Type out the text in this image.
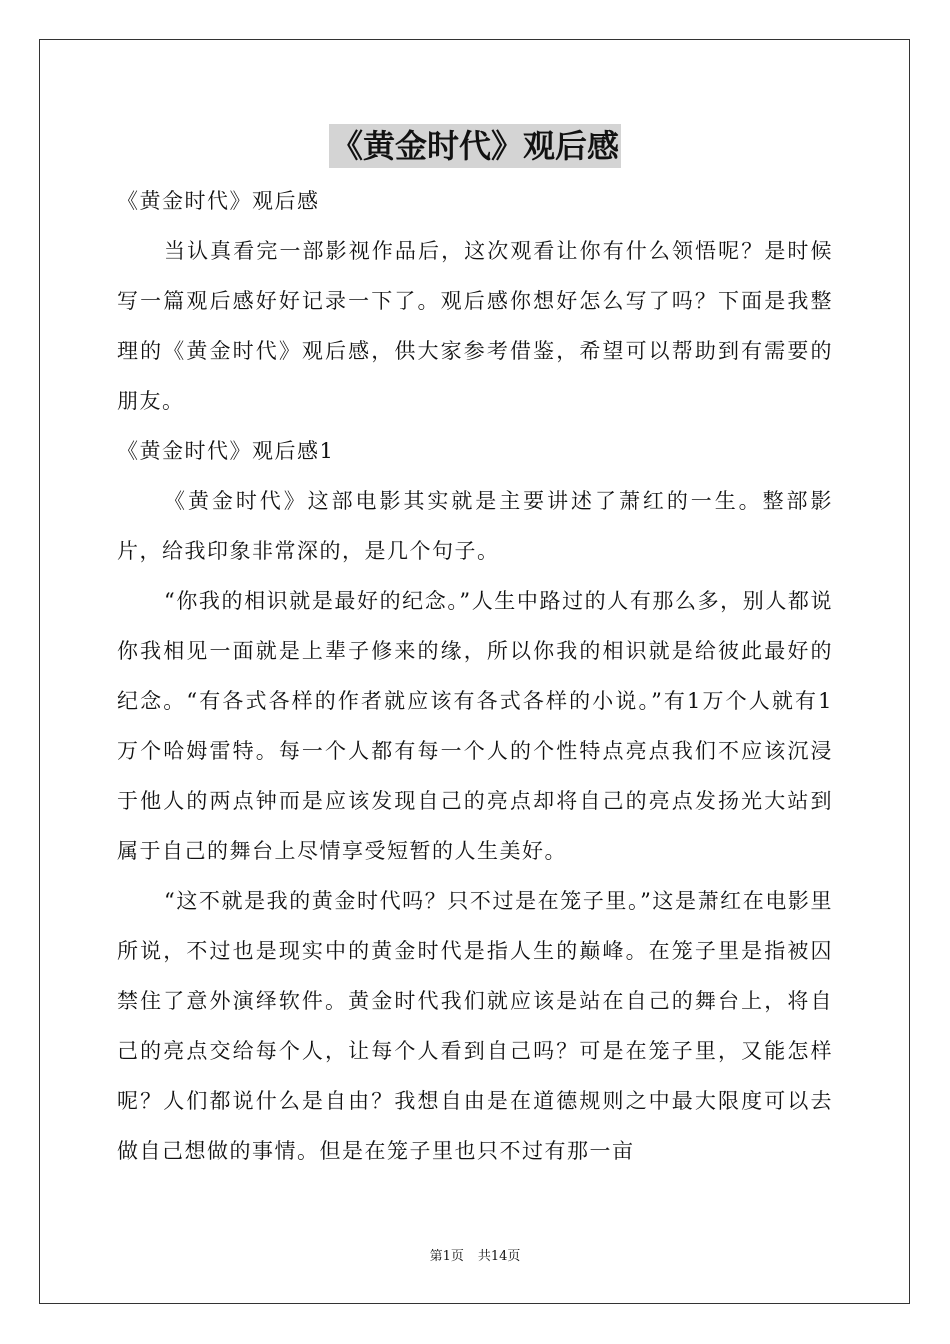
《黄金时代》观后感

《黄金时代》观后感

当认真看完一部影视作品后，这次观看让你有什么领悟呢？是时候写一篇观后感好好记录一下了。观后感你想好怎么写了吗？下面是我整理的《黄金时代》观后感，供大家参考借鉴，希望可以帮助到有需要的朋友。

《黄金时代》观后感1

《黄金时代》这部电影其实就是主要讲述了萧红的一生。整部影片，给我印象非常深的，是几个句子。

“你我的相识就是最好的纪念。”人生中路过的人有那么多，别人都说你我相见一面就是上辈子修来的缘，所以你我的相识就是给彼此最好的纪念。“有各式各样的作者就应该有各式各样的小说。”有1万个人就有1万个哈姆雷特。每一个人都有每一个人的个性特点亮点我们不应该沉浸于他人的两点钟而是应该发现自己的亮点却将自己的亮点发扬光大站到属于自己的舞台上尽情享受短暂的人生美好。

“这不就是我的黄金时代吗？只不过是在笼子里。”这是萧红在电影里所说，不过也是现实中的黄金时代是指人生的巅峰。在笼子里是指被囚禁住了意外演绎软件。黄金时代我们就应该是站在自己的舞台上，将自己的亮点交给每个人，让每个人看到自己吗？可是在笼子里，又能怎样呢？人们都说什么是自由？我想自由是在道德规则之中最大限度可以去做自己想做的事情。但是在笼子里也只不过有那一亩

第1页 共14页
